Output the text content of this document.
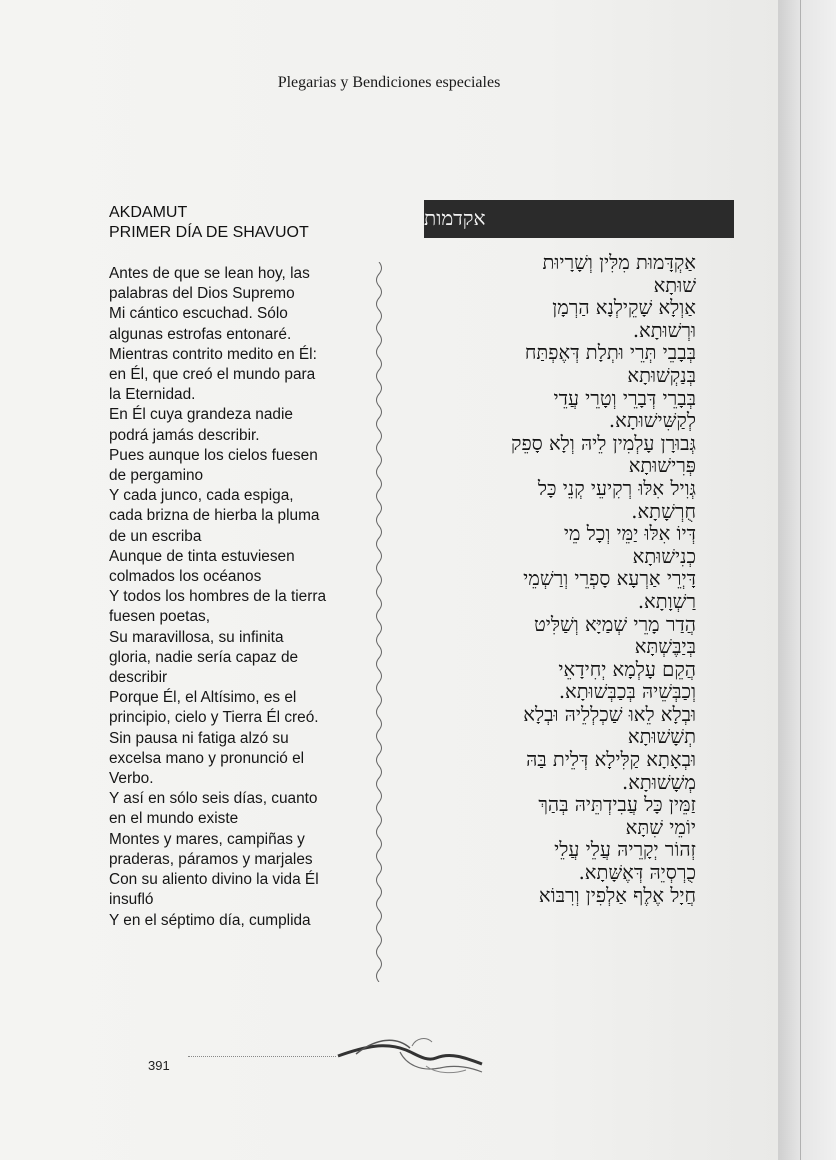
Plegarias y Bendiciones especiales
AKDAMUT
PRIMER DÍA DE SHAVUOT
Antes de que se lean hoy, las
palabras del Dios Supremo
Mi cántico escuchad. Sólo
algunas estrofas entonaré.
Mientras contrito medito en Él:
en Él, que creó el mundo para
la Eternidad.
En Él cuya grandeza nadie
podrá jamás describir.
Pues aunque los cielos fuesen
de pergamino
Y cada junco, cada espiga,
cada brizna de hierba la pluma
de un escriba
Aunque de tinta estuviesen
colmados los océanos
Y todos los hombres de la tierra
fuesen poetas,
Su maravillosa, su infinita
gloria, nadie sería capaz de
describir
Porque Él, el Altísimo, es el
principio, cielo y Tierra Él creó.
Sin pausa ni fatiga alzó su
excelsa mano y pronunció el
Verbo.
Y así en sólo seis días, cuanto
en el mundo existe
Montes y mares, campiñas y
praderas, páramos y marjales
Con su aliento divino la vida Él
insufló
Y en el séptimo día, cumplida
אקדמות
אַקְדָּמוּת מִלִּין וְשָׁרָיוּת
שׁוּתָא
אַוְלָא שָׁקֵילְנָא הַרְמָן
וּרְשׁוּתָא.
בְּבָבֵי תְּרֵי וּתְלָת דְּאֶפְתַּח
בְּנַקְשׁוּתָא
בְּבָרֵי דְּבָרֵי וְטָרֵי עֲדֵי
לְקַשִּׁישׁוּתָא.
גְּבוּרָן עָלְמִין לֵיהּ וְלָא סָפֵק
פְּרִישׁוּתָא
גְּוִיל אִלּוּ רְקִיעֵי קְנֵי כָּל
חֻרְשָׁתָא.
דְּיוֹ אִלּוּ יַמֵּי וְכָל מֵי
כְנִישׁוּתָא
דָּיְרֵי אַרְעָא סָפְרֵי וְרַשְׁמֵי
רַשְׁוָתָא.
הֲדַר מָרֵי שְׁמַיָּא וְשַׁלִּיט
בְּיַבֶּשְׁתָּא
הֲקֵם עָלְמָא יְחִידָאֵי
וְכַבְּשֵׁיהּ בְּכַבְּשׁוּתָא.
וּבְלָא לֵאוּ שַׁכְלְלֵיהּ וּבְלָא
תְשָׁשׁוּתָא
וּבְאָתָא קַלִּילָא דְּלֵית בַּהּ
מְשָׁשׁוּתָא.
זַמֵּין כָּל עֲבִידְתֵּיהּ בְּהַךְ
יוֹמֵי שִׁתָּא
זְהוֹר יְקָרֵיהּ עֲלֵי עֲלֵי
כֻרְסְיֵהּ דְּאֶשָּׁתָא.
חֲיָל אֶלֶף אַלְפִין וְרִבּוֹא
391
